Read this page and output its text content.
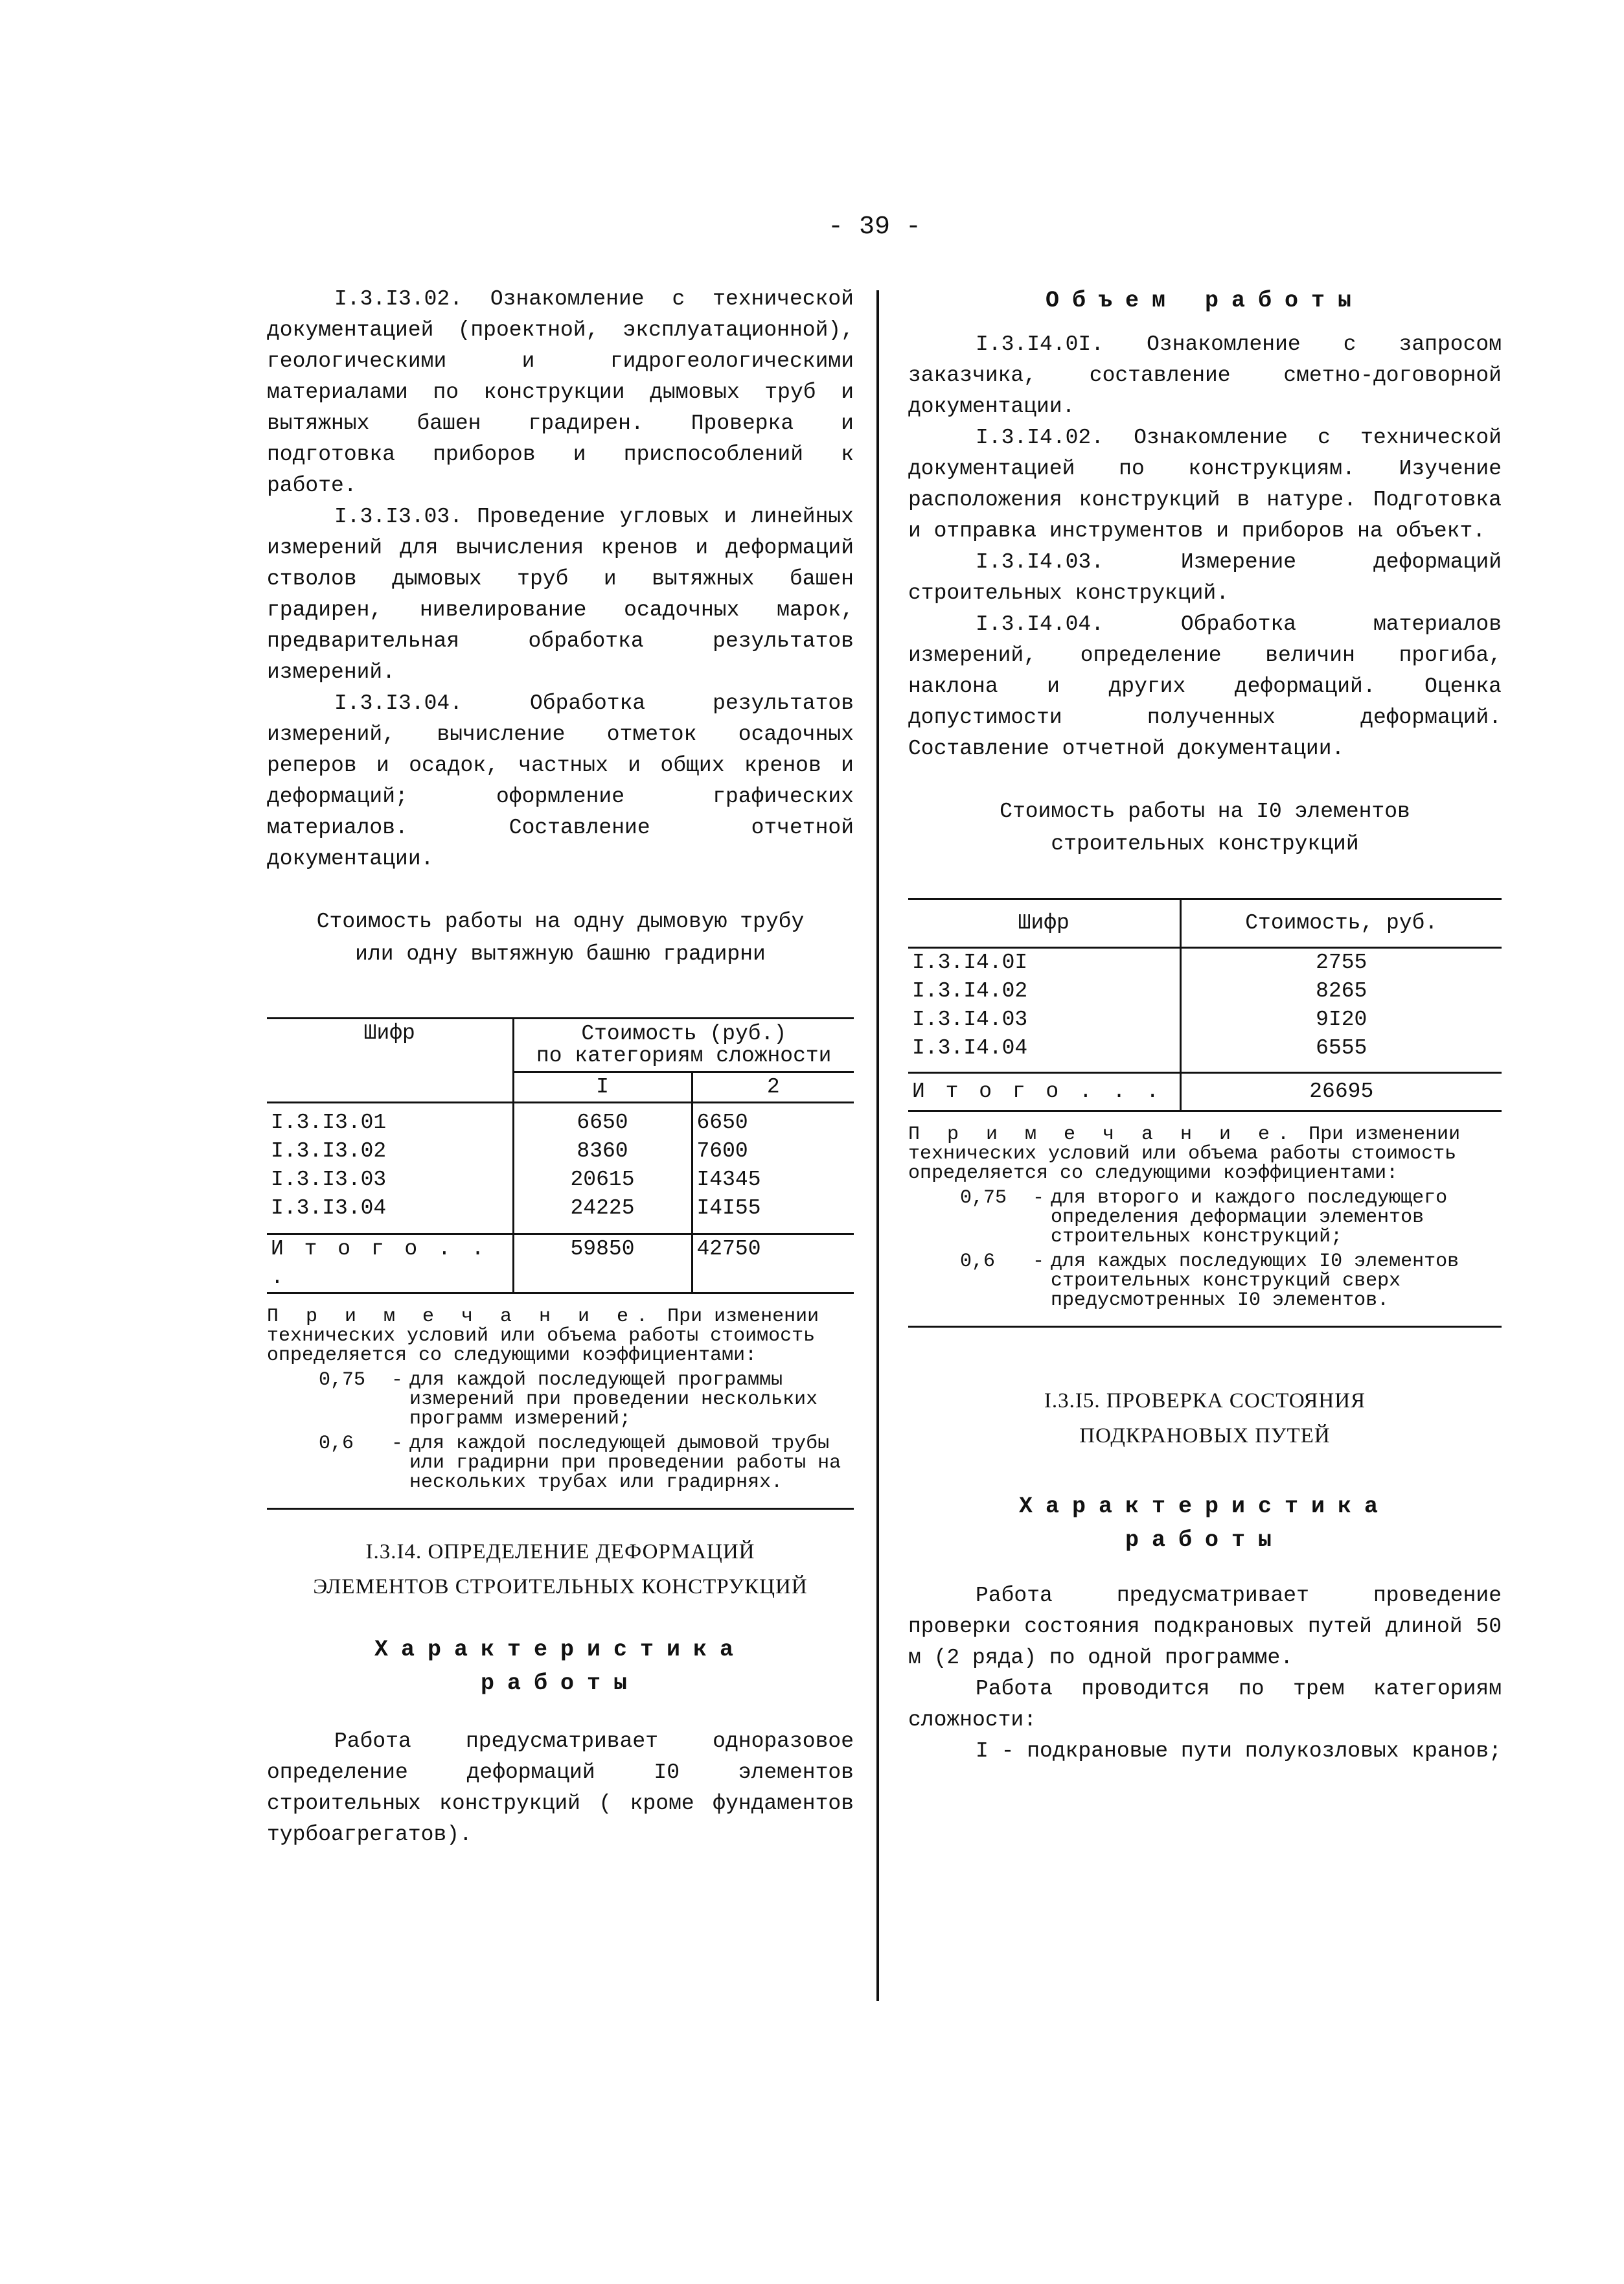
- 39 -

I.3.I3.02. Ознакомление с технической документацией (проектной, эксплуатационной), геологическими и гидрогеологическими материалами по конструкции дымовых труб и вытяжных башен градирен. Проверка и подготовка приборов и приспособлений к работе.

I.3.I3.03. Проведение угловых и линейных измерений для вычисления кренов и деформаций стволов дымовых труб и вытяжных башен градирен, нивелирование осадочных марок, предварительная обработка результатов измерений.

I.3.I3.04. Обработка результатов измерений, вычисление отметок осадочных реперов и осадок, частных и общих кренов и деформаций; оформление графических материалов. Составление отчетной документации.

Стоимость работы на одну дымовую трубу

или одну вытяжную башню градирни

Шифр	Стоимость (руб.)
по категориям сложности	
	I	2
I.3.I3.01	6650	6650
I.3.I3.02	8360	7600
I.3.I3.03	20615	I4345
I.3.I3.04	24225	I4I55
И т о г о . . .	59850	42750

П р и м е ч а н и е. При изменении технических условий или объема работы стоимость определяется со следующими коэффициентами:

0,75	- для каждой последующей программы измерений при проведении нескольких программ измерений;
0,6	- для каждой последующей дымовой трубы или градирни при проведении работы на нескольких трубах или градирнях.

I.3.I4. ОПРЕДЕЛЕНИЕ ДЕФОРМАЦИЙ

ЭЛЕМЕНТОВ СТРОИТЕЛЬНЫХ КОНСТРУКЦИЙ

Характеристика

работы

Работа предусматривает одноразовое определение деформаций I0 элементов строительных конструкций ( кроме фундаментов турбоагрегатов).

Объем работы

I.3.I4.0I. Ознакомление с запросом заказчика, составление сметно-договорной документации.

I.3.I4.02. Ознакомление с технической документацией по конструкциям. Изучение расположения конструкций в натуре. Подготовка и отправка инструментов и приборов на объект.

I.3.I4.03. Измерение деформаций строительных конструкций.

I.3.I4.04. Обработка материалов измерений, определение величин прогиба, наклона и других деформаций. Оценка допустимости полученных деформаций. Составление отчетной документации.

Стоимость работы на I0 элементов

строительных конструкций

Шифр	Стоимость, руб.
I.3.I4.0I	2755
I.3.I4.02	8265
I.3.I4.03	9I20
I.3.I4.04	6555
И т о г о . . .	26695

П р и м е ч а н и е. При изменении технических условий или объема работы стоимость определяется со следующими коэффициентами:

0,75	- для второго и каждого последующего определения деформации элементов строительных конструкций;
0,6	- для каждых последующих I0 элементов строительных конструкций сверх предусмотренных I0 элементов.

I.3.I5. ПРОВЕРКА СОСТОЯНИЯ

ПОДКРАНОВЫХ ПУТЕЙ

Характеристика

работы

Работа предусматривает проведение проверки состояния подкрановых путей длиной 50 м (2 ряда) по одной программе.

Работа проводится по трем категориям сложности:

I - подкрановые пути полукозловых кранов;
